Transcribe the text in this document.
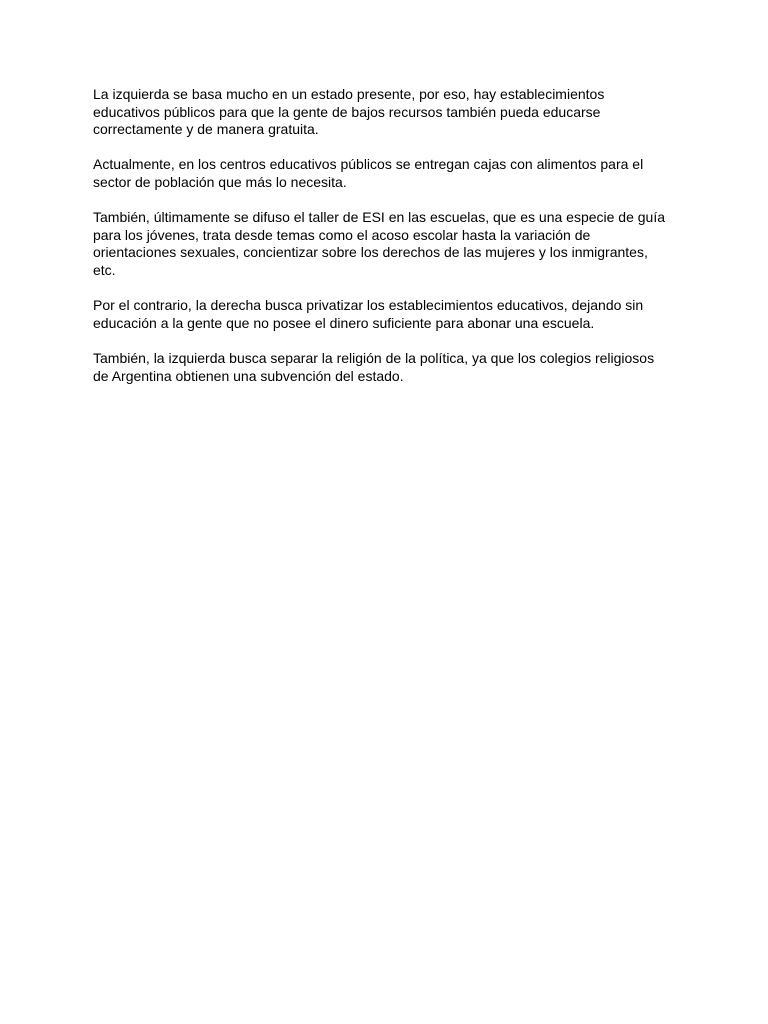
La izquierda se basa mucho en un estado presente, por eso, hay establecimientos
educativos públicos para que la gente de bajos recursos también pueda educarse
correctamente y de manera gratuita.

Actualmente, en los centros educativos públicos se entregan cajas con alimentos para el
sector de población que más lo necesita.

También, últimamente se difuso el taller de ESI en las escuelas, que es una especie de guía
para los jóvenes, trata desde temas como el acoso escolar hasta la variación de
orientaciones sexuales, concientizar sobre los derechos de las mujeres y los inmigrantes,
etc.

Por el contrario, la derecha busca privatizar los establecimientos educativos, dejando sin
educación a la gente que no posee el dinero suficiente para abonar una escuela.

También, la izquierda busca separar la religión de la política, ya que los colegios religiosos
de Argentina obtienen una subvención del estado.
